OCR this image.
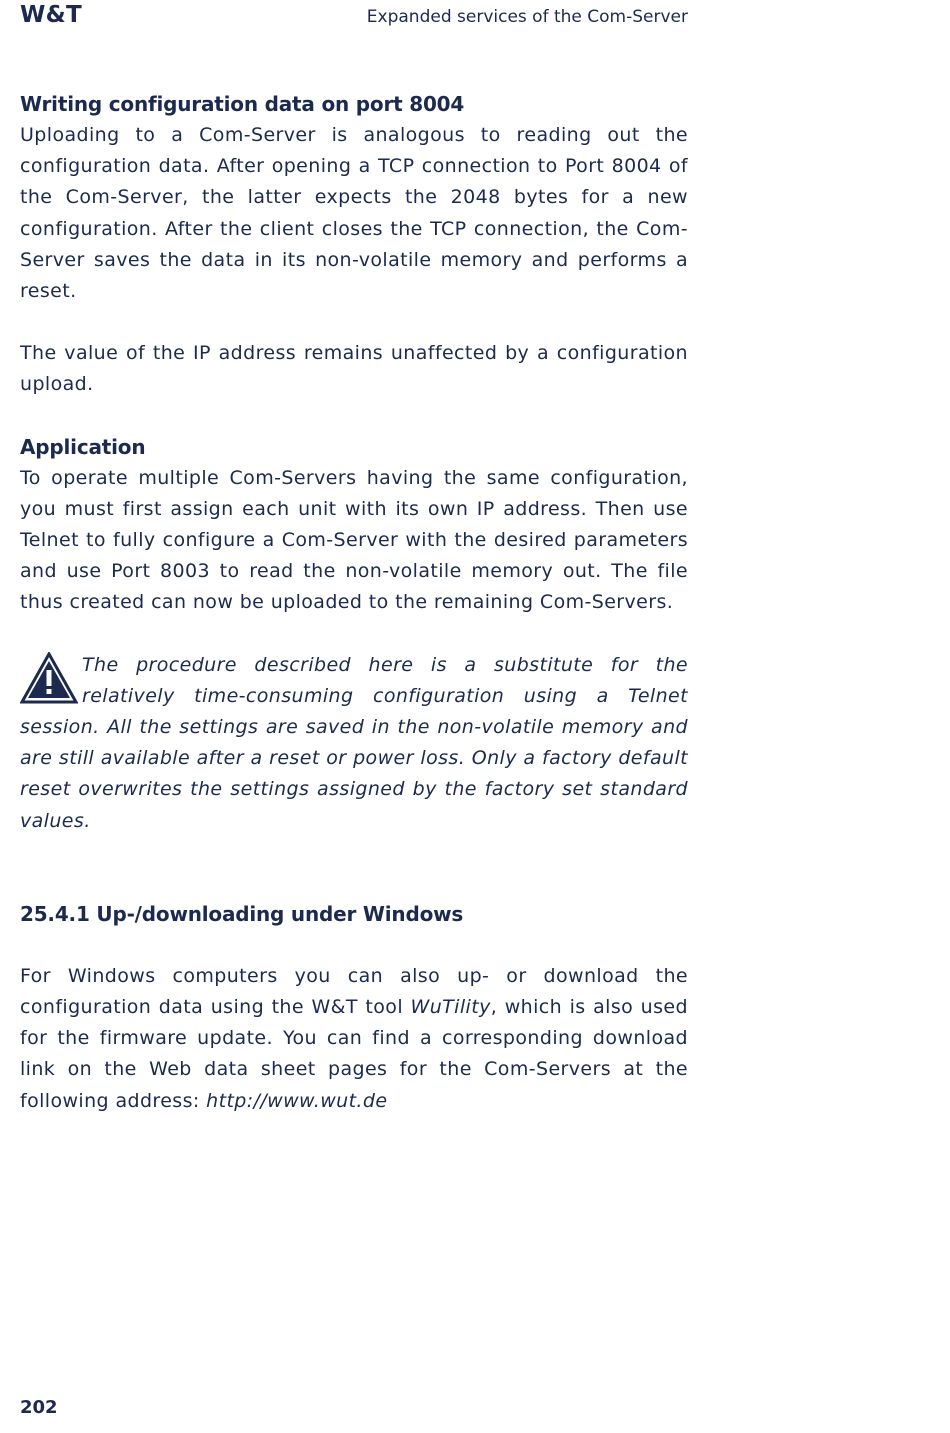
W&T	Expanded services of the Com-Server
Writing configuration data on port 8004

Uploading to a Com-Server is analogous to reading out the configuration data. After opening a TCP connection to Port 8004 of the Com-Server, the latter expects the 2048 bytes for a new configuration. After the client closes the TCP connection, the Com-Server saves the data in its non-volatile memory and performs a reset.

The value of the IP address remains unaffected by a configuration upload.

Application

To operate multiple Com-Servers having the same configuration, you must first assign each unit with its own IP address. Then use Telnet to fully configure a Com-Server with the desired parameters and use Port 8003 to read the non-volatile memory out. The file thus created can now be uploaded to the remaining Com-Servers.

The procedure described here is a substitute for the relatively time-consuming configuration using a Telnet session. All the settings are saved in the non-volatile memory and are still available after a reset or power loss. Only a factory default reset overwrites the settings assigned by the factory set standard values.

25.4.1 Up-/downloading under Windows

For Windows computers you can also up- or download the configuration data using the W&T tool WuTility, which is also used for the firmware update. You can find a corresponding download link on the Web data sheet pages for the Com-Servers at the following address: http://www.wut.de

202
